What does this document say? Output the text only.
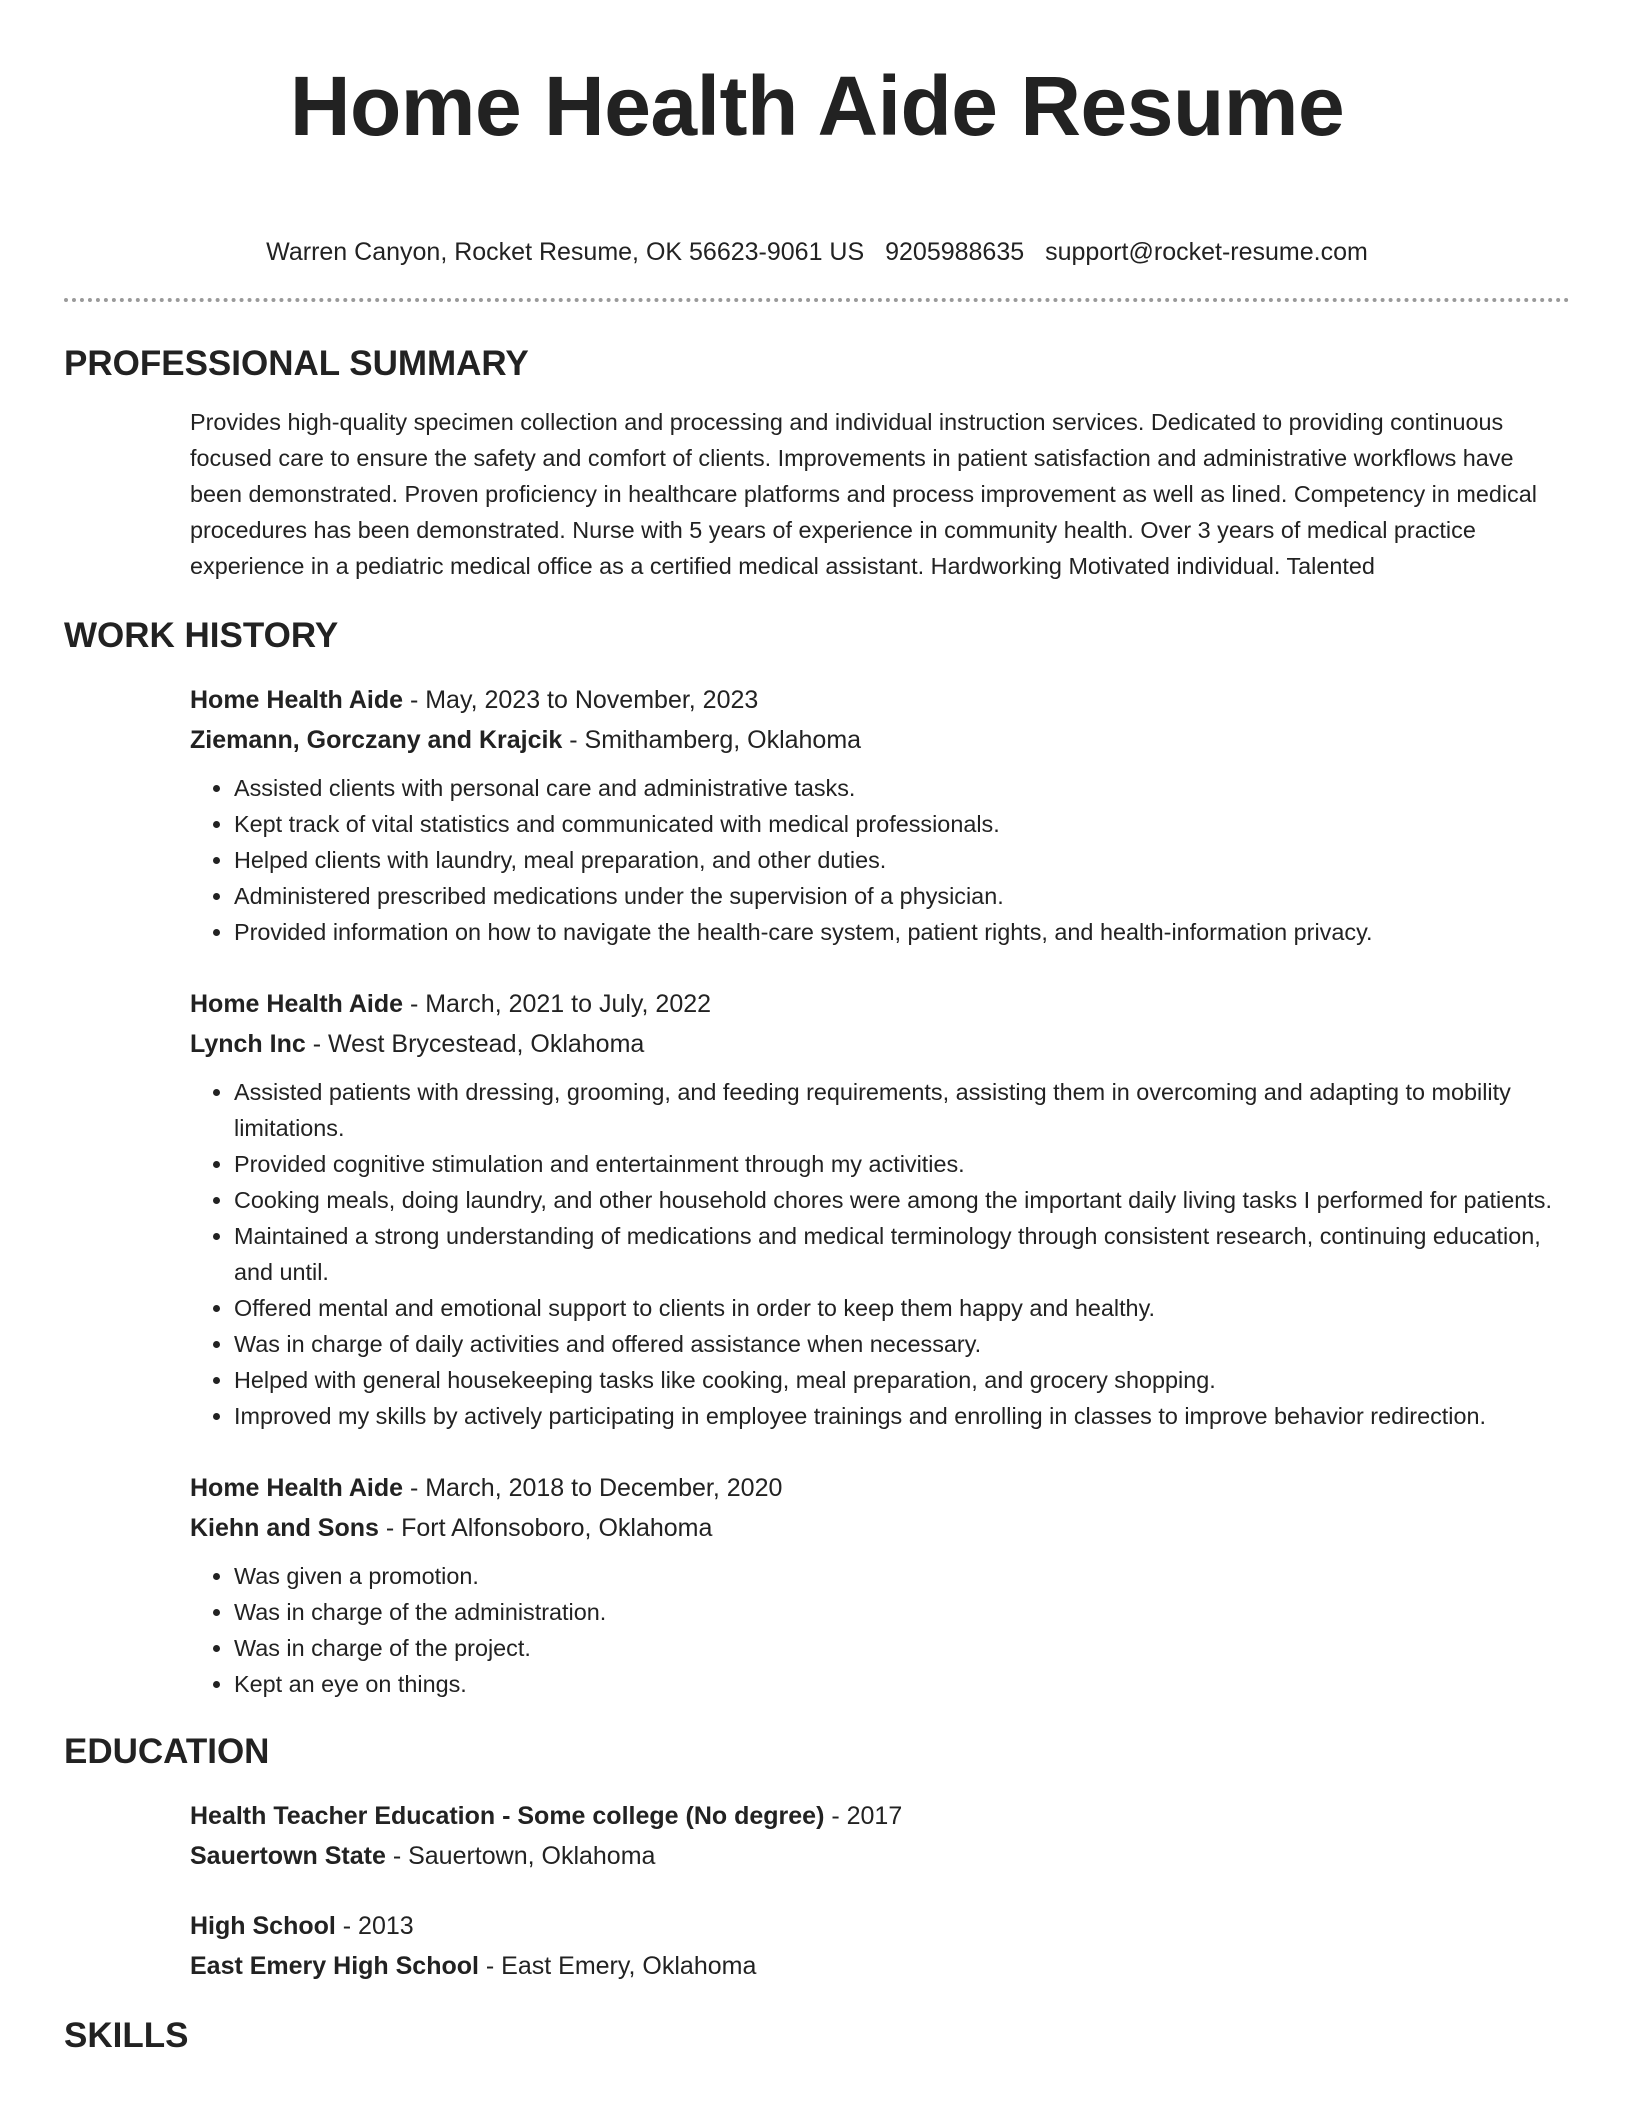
Home Health Aide Resume
Warren Canyon, Rocket Resume, OK 56623-9061 US 9205988635 support@rocket-resume.com
PROFESSIONAL SUMMARY

Provides high-quality specimen collection and processing and individual instruction services. Dedicated to providing continuous focused care to ensure the safety and comfort of clients. Improvements in patient satisfaction and administrative workflows have been demonstrated. Proven proficiency in healthcare platforms and process improvement as well as lined. Competency in medical procedures has been demonstrated. Nurse with 5 years of experience in community health. Over 3 years of medical practice experience in a pediatric medical office as a certified medical assistant. Hardworking Motivated individual. Talented

WORK HISTORY
Home Health Aide - May, 2023 to November, 2023
Ziemann, Gorczany and Krajcik - Smithamberg, Oklahoma
• Assisted clients with personal care and administrative tasks.
• Kept track of vital statistics and communicated with medical professionals.
• Helped clients with laundry, meal preparation, and other duties.
• Administered prescribed medications under the supervision of a physician.
• Provided information on how to navigate the health-care system, patient rights, and health-information privacy.
Home Health Aide - March, 2021 to July, 2022
Lynch Inc - West Brycestead, Oklahoma
• Assisted patients with dressing, grooming, and feeding requirements, assisting them in overcoming and adapting to mobility limitations.
• Provided cognitive stimulation and entertainment through my activities.
• Cooking meals, doing laundry, and other household chores were among the important daily living tasks I performed for patients.
• Maintained a strong understanding of medications and medical terminology through consistent research, continuing education, and until.
• Offered mental and emotional support to clients in order to keep them happy and healthy.
• Was in charge of daily activities and offered assistance when necessary.
• Helped with general housekeeping tasks like cooking, meal preparation, and grocery shopping.
• Improved my skills by actively participating in employee trainings and enrolling in classes to improve behavior redirection.
Home Health Aide - March, 2018 to December, 2020
Kiehn and Sons - Fort Alfonsoboro, Oklahoma
• Was given a promotion.
• Was in charge of the administration.
• Was in charge of the project.
• Kept an eye on things.
EDUCATION
Health Teacher Education - Some college (No degree) - 2017
Sauertown State - Sauertown, Oklahoma
High School - 2013
East Emery High School - East Emery, Oklahoma
SKILLS
